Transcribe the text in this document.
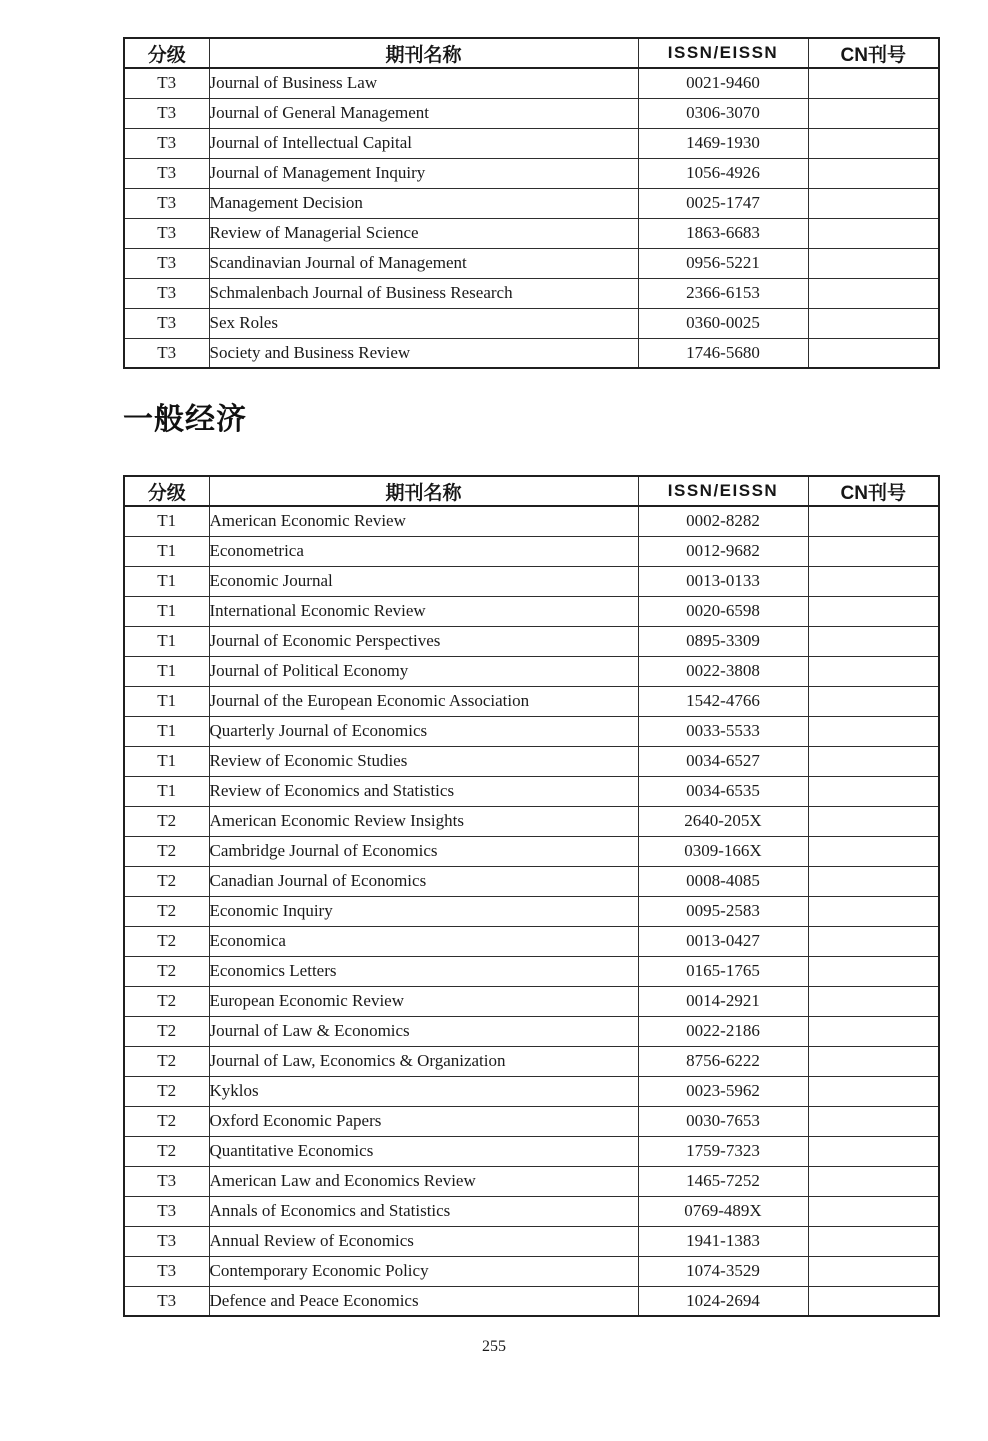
分级	期刊名称	ISSN/EISSN	CN刊号
T3	Journal of Business Law	0021-9460	
T3	Journal of General Management	0306-3070	
T3	Journal of Intellectual Capital	1469-1930	
T3	Journal of Management Inquiry	1056-4926	
T3	Management Decision	0025-1747	
T3	Review of Managerial Science	1863-6683	
T3	Scandinavian Journal of Management	0956-5221	
T3	Schmalenbach Journal of Business Research	2366-6153	
T3	Sex Roles	0360-0025	
T3	Society and Business Review	1746-5680	
一般经济
分级	期刊名称	ISSN/EISSN	CN刊号
T1	American Economic Review	0002-8282	
T1	Econometrica	0012-9682	
T1	Economic Journal	0013-0133	
T1	International Economic Review	0020-6598	
T1	Journal of Economic Perspectives	0895-3309	
T1	Journal of Political Economy	0022-3808	
T1	Journal of the European Economic Association	1542-4766	
T1	Quarterly Journal of Economics	0033-5533	
T1	Review of Economic Studies	0034-6527	
T1	Review of Economics and Statistics	0034-6535	
T2	American Economic Review Insights	2640-205X	
T2	Cambridge Journal of Economics	0309-166X	
T2	Canadian Journal of Economics	0008-4085	
T2	Economic Inquiry	0095-2583	
T2	Economica	0013-0427	
T2	Economics Letters	0165-1765	
T2	European Economic Review	0014-2921	
T2	Journal of Law & Economics	0022-2186	
T2	Journal of Law, Economics & Organization	8756-6222	
T2	Kyklos	0023-5962	
T2	Oxford Economic Papers	0030-7653	
T2	Quantitative Economics	1759-7323	
T3	American Law and Economics Review	1465-7252	
T3	Annals of Economics and Statistics	0769-489X	
T3	Annual Review of Economics	1941-1383	
T3	Contemporary Economic Policy	1074-3529	
T3	Defence and Peace Economics	1024-2694	
255
